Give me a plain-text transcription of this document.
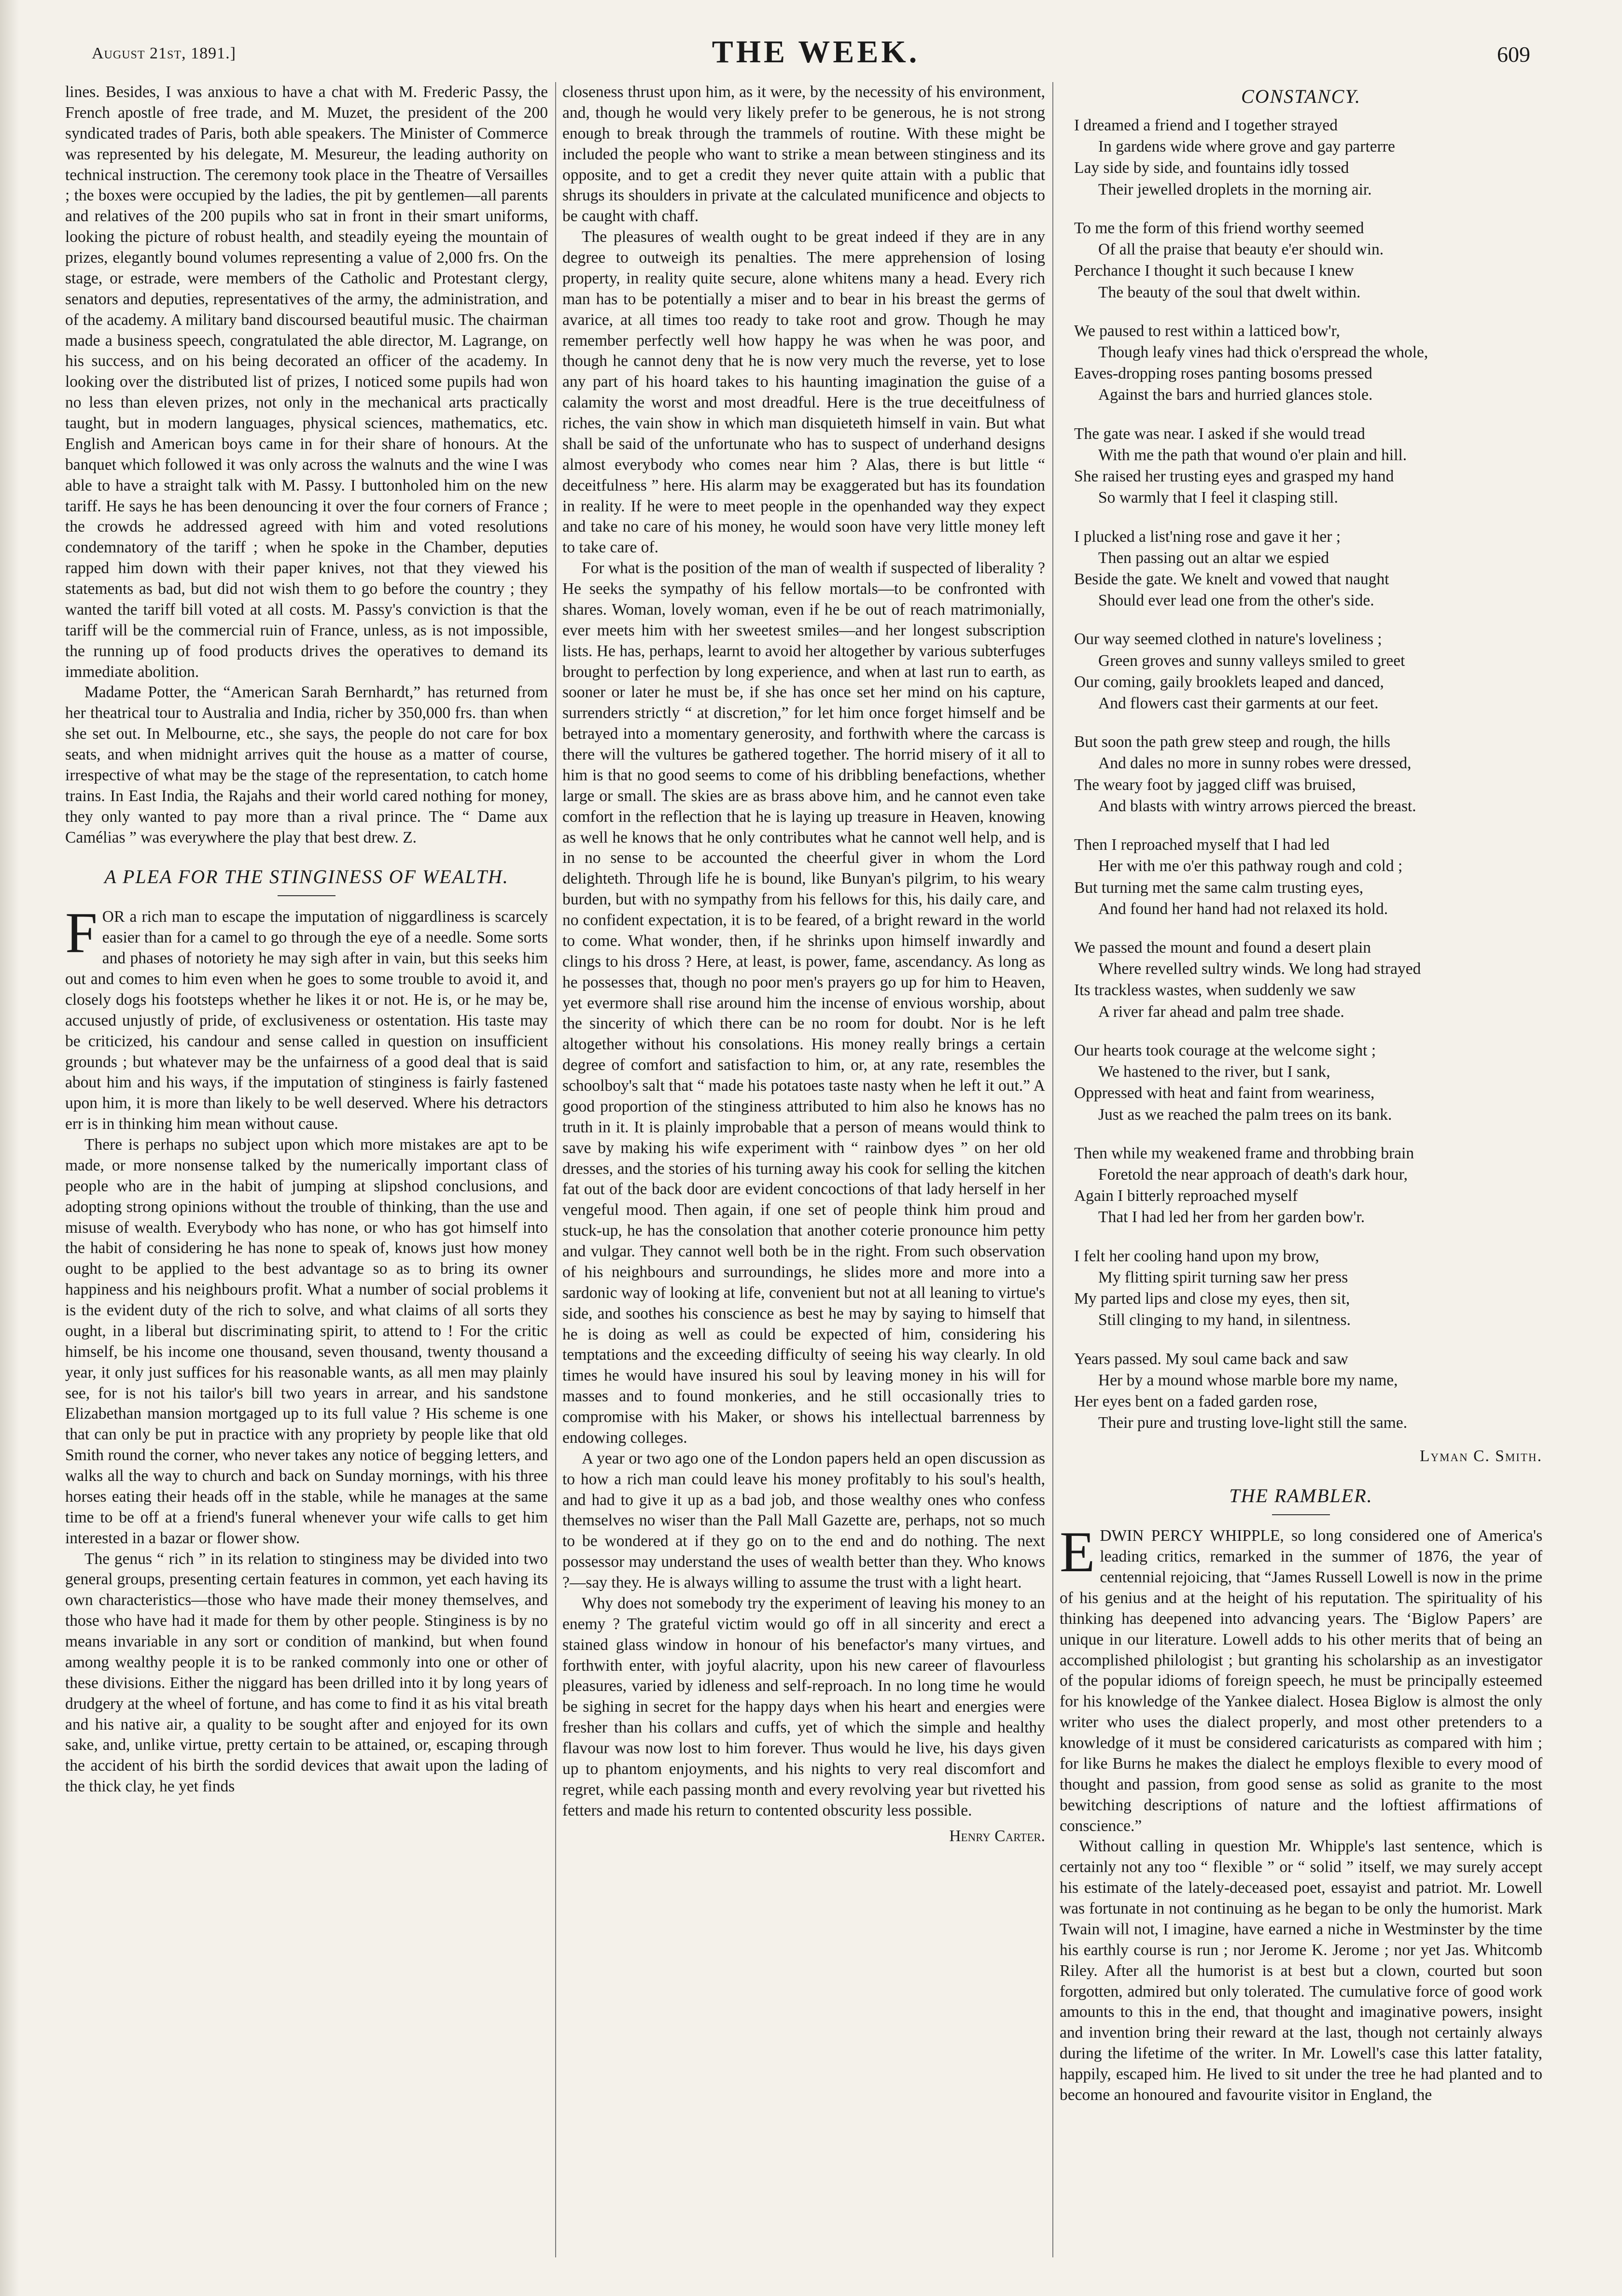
August 21st, 1891.]	THE WEEK.	609

lines. Besides, I was anxious to have a chat with M. Frederic Passy, the French apostle of free trade, and M. Muzet, the president of the 200 syndicated trades of Paris, both able speakers. The Minister of Commerce was represented by his delegate, M. Mesureur, the leading authority on technical instruction. The ceremony took place in the Theatre of Versailles ; the boxes were occupied by the ladies, the pit by gentlemen—all parents and relatives of the 200 pupils who sat in front in their smart uniforms, looking the picture of robust health, and steadily eyeing the mountain of prizes, elegantly bound volumes representing a value of 2,000 frs. On the stage, or estrade, were members of the Catholic and Protestant clergy, senators and deputies, representatives of the army, the administration, and of the academy. A military band discoursed beautiful music. The chairman made a business speech, congratulated the able director, M. Lagrange, on his success, and on his being decorated an officer of the academy. In looking over the distributed list of prizes, I noticed some pupils had won no less than eleven prizes, not only in the mechanical arts practically taught, but in modern languages, physical sciences, mathematics, etc. English and American boys came in for their share of honours. At the banquet which followed it was only across the walnuts and the wine I was able to have a straight talk with M. Passy. I buttonholed him on the new tariff. He says he has been denouncing it over the four corners of France ; the crowds he addressed agreed with him and voted resolutions condemnatory of the tariff ; when he spoke in the Chamber, deputies rapped him down with their paper knives, not that they viewed his statements as bad, but did not wish them to go before the country ; they wanted the tariff bill voted at all costs. M. Passy's conviction is that the tariff will be the commercial ruin of France, unless, as is not impossible, the running up of food products drives the operatives to demand its immediate abolition.

Madame Potter, the “American Sarah Bernhardt,” has returned from her theatrical tour to Australia and India, richer by 350,000 frs. than when she set out. In Melbourne, etc., she says, the people do not care for box seats, and when midnight arrives quit the house as a matter of course, irrespective of what may be the stage of the representation, to catch home trains. In East India, the Rajahs and their world cared nothing for money, they only wanted to pay more than a rival prince. The “ Dame aux Camélias ” was everywhere the play that best drew. Z.

A PLEA FOR THE STINGINESS OF WEALTH.

FOR a rich man to escape the imputation of niggardliness is scarcely easier than for a camel to go through the eye of a needle. Some sorts and phases of notoriety he may sigh after in vain, but this seeks him out and comes to him even when he goes to some trouble to avoid it, and closely dogs his footsteps whether he likes it or not. He is, or he may be, accused unjustly of pride, of exclusiveness or ostentation. His taste may be criticized, his candour and sense called in question on insufficient grounds ; but whatever may be the unfairness of a good deal that is said about him and his ways, if the imputation of stinginess is fairly fastened upon him, it is more than likely to be well deserved. Where his detractors err is in thinking him mean without cause.

There is perhaps no subject upon which more mistakes are apt to be made, or more nonsense talked by the numerically important class of people who are in the habit of jumping at slipshod conclusions, and adopting strong opinions without the trouble of thinking, than the use and misuse of wealth. Everybody who has none, or who has got himself into the habit of considering he has none to speak of, knows just how money ought to be applied to the best advantage so as to bring its owner happiness and his neighbours profit. What a number of social problems it is the evident duty of the rich to solve, and what claims of all sorts they ought, in a liberal but discriminating spirit, to attend to ! For the critic himself, be his income one thousand, seven thousand, twenty thousand a year, it only just suffices for his reasonable wants, as all men may plainly see, for is not his tailor's bill two years in arrear, and his sandstone Elizabethan mansion mortgaged up to its full value ? His scheme is one that can only be put in practice with any propriety by people like that old Smith round the corner, who never takes any notice of begging letters, and walks all the way to church and back on Sunday mornings, with his three horses eating their heads off in the stable, while he manages at the same time to be off at a friend's funeral whenever your wife calls to get him interested in a bazar or flower show.

The genus “ rich ” in its relation to stinginess may be divided into two general groups, presenting certain features in common, yet each having its own characteristics—those who have made their money themselves, and those who have had it made for them by other people. Stinginess is by no means invariable in any sort or condition of mankind, but when found among wealthy people it is to be ranked commonly into one or other of these divisions. Either the niggard has been drilled into it by long years of drudgery at the wheel of fortune, and has come to find it as his vital breath and his native air, a quality to be sought after and enjoyed for its own sake, and, unlike virtue, pretty certain to be attained, or, escaping through the accident of his birth the sordid devices that await upon the lading of the thick clay, he yet finds

closeness thrust upon him, as it were, by the necessity of his environment, and, though he would very likely prefer to be generous, he is not strong enough to break through the trammels of routine. With these might be included the people who want to strike a mean between stinginess and its opposite, and to get a credit they never quite attain with a public that shrugs its shoulders in private at the calculated munificence and objects to be caught with chaff.

The pleasures of wealth ought to be great indeed if they are in any degree to outweigh its penalties. The mere apprehension of losing property, in reality quite secure, alone whitens many a head. Every rich man has to be potentially a miser and to bear in his breast the germs of avarice, at all times too ready to take root and grow. Though he may remember perfectly well how happy he was when he was poor, and though he cannot deny that he is now very much the reverse, yet to lose any part of his hoard takes to his haunting imagination the guise of a calamity the worst and most dreadful. Here is the true deceitfulness of riches, the vain show in which man disquieteth himself in vain. But what shall be said of the unfortunate who has to suspect of underhand designs almost everybody who comes near him ? Alas, there is but little “ deceitfulness ” here. His alarm may be exaggerated but has its foundation in reality. If he were to meet people in the openhanded way they expect and take no care of his money, he would soon have very little money left to take care of.

For what is the position of the man of wealth if suspected of liberality ? He seeks the sympathy of his fellow mortals—to be confronted with shares. Woman, lovely woman, even if he be out of reach matrimonially, ever meets him with her sweetest smiles—and her longest subscription lists. He has, perhaps, learnt to avoid her altogether by various subterfuges brought to perfection by long experience, and when at last run to earth, as sooner or later he must be, if she has once set her mind on his capture, surrenders strictly “ at discretion,” for let him once forget himself and be betrayed into a momentary generosity, and forthwith where the carcass is there will the vultures be gathered together. The horrid misery of it all to him is that no good seems to come of his dribbling benefactions, whether large or small. The skies are as brass above him, and he cannot even take comfort in the reflection that he is laying up treasure in Heaven, knowing as well he knows that he only contributes what he cannot well help, and is in no sense to be accounted the cheerful giver in whom the Lord delighteth. Through life he is bound, like Bunyan's pilgrim, to his weary burden, but with no sympathy from his fellows for this, his daily care, and no confident expectation, it is to be feared, of a bright reward in the world to come. What wonder, then, if he shrinks upon himself inwardly and clings to his dross ? Here, at least, is power, fame, ascendancy. As long as he possesses that, though no poor men's prayers go up for him to Heaven, yet evermore shall rise around him the incense of envious worship, about the sincerity of which there can be no room for doubt. Nor is he left altogether without his consolations. His money really brings a certain degree of comfort and satisfaction to him, or, at any rate, resembles the schoolboy's salt that “ made his potatoes taste nasty when he left it out.” A good proportion of the stinginess attributed to him also he knows has no truth in it. It is plainly improbable that a person of means would think to save by making his wife experiment with “ rainbow dyes ” on her old dresses, and the stories of his turning away his cook for selling the kitchen fat out of the back door are evident concoctions of that lady herself in her vengeful mood. Then again, if one set of people think him proud and stuck-up, he has the consolation that another coterie pronounce him petty and vulgar. They cannot well both be in the right. From such observation of his neighbours and surroundings, he slides more and more into a sardonic way of looking at life, convenient but not at all leaning to virtue's side, and soothes his conscience as best he may by saying to himself that he is doing as well as could be expected of him, considering his temptations and the exceeding difficulty of seeing his way clearly. In old times he would have insured his soul by leaving money in his will for masses and to found monkeries, and he still occasionally tries to compromise with his Maker, or shows his intellectual barrenness by endowing colleges.

A year or two ago one of the London papers held an open discussion as to how a rich man could leave his money profitably to his soul's health, and had to give it up as a bad job, and those wealthy ones who confess themselves no wiser than the Pall Mall Gazette are, perhaps, not so much to be wondered at if they go on to the end and do nothing. The next possessor may understand the uses of wealth better than they. Who knows ?—say they. He is always willing to assume the trust with a light heart.

Why does not somebody try the experiment of leaving his money to an enemy ? The grateful victim would go off in all sincerity and erect a stained glass window in honour of his benefactor's many virtues, and forthwith enter, with joyful alacrity, upon his new career of flavourless pleasures, varied by idleness and self-reproach. In no long time he would be sighing in secret for the happy days when his heart and energies were fresher than his collars and cuffs, yet of which the simple and healthy flavour was now lost to him forever. Thus would he live, his days given up to phantom enjoyments, and his nights to very real discomfort and regret, while each passing month and every revolving year but rivetted his fetters and made his return to contented obscurity less possible.

Henry Carter.
CONSTANCY.
I dreamed a friend and I together strayed
In gardens wide where grove and gay parterre
Lay side by side, and fountains idly tossed
Their jewelled droplets in the morning air.
To me the form of this friend worthy seemed
Of all the praise that beauty e'er should win.
Perchance I thought it such because I knew
The beauty of the soul that dwelt within.
We paused to rest within a latticed bow'r,
Though leafy vines had thick o'erspread the whole,
Eaves-dropping roses panting bosoms pressed
Against the bars and hurried glances stole.
The gate was near. I asked if she would tread
With me the path that wound o'er plain and hill.
She raised her trusting eyes and grasped my hand
So warmly that I feel it clasping still.
I plucked a list'ning rose and gave it her ;
Then passing out an altar we espied
Beside the gate. We knelt and vowed that naught
Should ever lead one from the other's side.
Our way seemed clothed in nature's loveliness ;
Green groves and sunny valleys smiled to greet
Our coming, gaily brooklets leaped and danced,
And flowers cast their garments at our feet.
But soon the path grew steep and rough, the hills
And dales no more in sunny robes were dressed,
The weary foot by jagged cliff was bruised,
And blasts with wintry arrows pierced the breast.
Then I reproached myself that I had led
Her with me o'er this pathway rough and cold ;
But turning met the same calm trusting eyes,
And found her hand had not relaxed its hold.
We passed the mount and found a desert plain
Where revelled sultry winds. We long had strayed
Its trackless wastes, when suddenly we saw
A river far ahead and palm tree shade.
Our hearts took courage at the welcome sight ;
We hastened to the river, but I sank,
Oppressed with heat and faint from weariness,
Just as we reached the palm trees on its bank.
Then while my weakened frame and throbbing brain
Foretold the near approach of death's dark hour,
Again I bitterly reproached myself
That I had led her from her garden bow'r.
I felt her cooling hand upon my brow,
My flitting spirit turning saw her press
My parted lips and close my eyes, then sit,
Still clinging to my hand, in silentness.
Years passed. My soul came back and saw
Her by a mound whose marble bore my name,
Her eyes bent on a faded garden rose,
Their pure and trusting love-light still the same.
Lyman C. Smith.
THE RAMBLER.

EDWIN PERCY WHIPPLE, so long considered one of America's leading critics, remarked in the summer of 1876, the year of centennial rejoicing, that “James Russell Lowell is now in the prime of his genius and at the height of his reputation. The spirituality of his thinking has deepened into advancing years. The ‘Biglow Papers’ are unique in our literature. Lowell adds to his other merits that of being an accomplished philologist ; but granting his scholarship as an investigator of the popular idioms of foreign speech, he must be principally esteemed for his knowledge of the Yankee dialect. Hosea Biglow is almost the only writer who uses the dialect properly, and most other pretenders to a knowledge of it must be considered caricaturists as compared with him ; for like Burns he makes the dialect he employs flexible to every mood of thought and passion, from good sense as solid as granite to the most bewitching descriptions of nature and the loftiest affirmations of conscience.”

Without calling in question Mr. Whipple's last sentence, which is certainly not any too “ flexible ” or “ solid ” itself, we may surely accept his estimate of the lately-deceased poet, essayist and patriot. Mr. Lowell was fortunate in not continuing as he began to be only the humorist. Mark Twain will not, I imagine, have earned a niche in Westminster by the time his earthly course is run ; nor Jerome K. Jerome ; nor yet Jas. Whitcomb Riley. After all the humorist is at best but a clown, courted but soon forgotten, admired but only tolerated. The cumulative force of good work amounts to this in the end, that thought and imaginative powers, insight and invention bring their reward at the last, though not certainly always during the lifetime of the writer. In Mr. Lowell's case this latter fatality, happily, escaped him. He lived to sit under the tree he had planted and to become an honoured and favourite visitor in England, the
